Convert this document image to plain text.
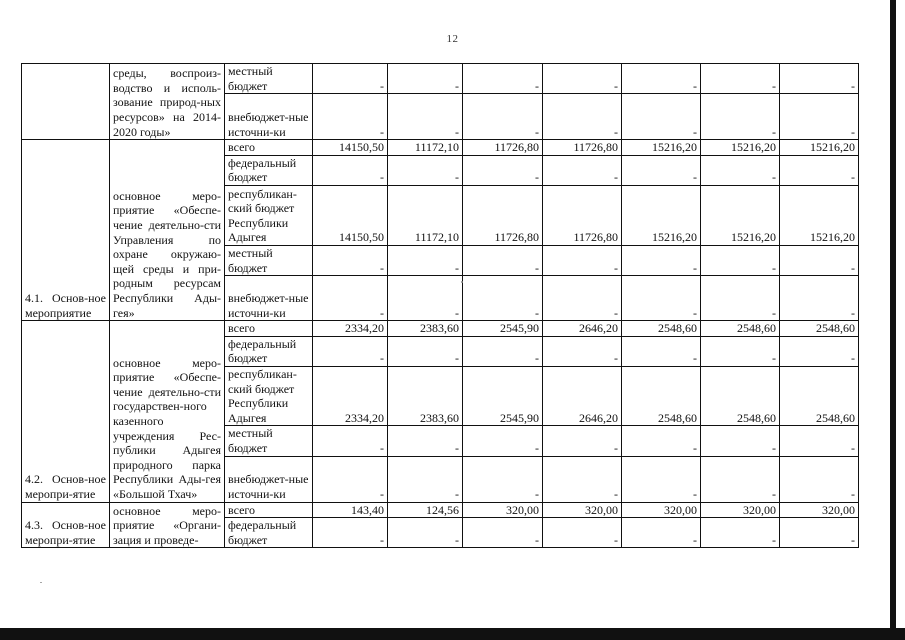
12
	среды, воспроиз-водство и исполь-зование природ-ных ресурсов» на 2014-2020 годы»	местный бюджет	-	-	-	-	-	-	-
		внебюджет-ные источни-ки	-	-	-	-	-	-	-
4.1. Основ-ное мероприятие	основное меро-приятие «Обеспе-чение деятельно-сти Управления по охране окружаю-щей среды и при-родным ресурсам Республики Ады-гея»	всего	14150,50	11172,10	11726,80	11726,80	15216,20	15216,20	15216,20
		федеральный бюджет	-	-	-	-	-	-	-
		республикан-ский бюджет Республики Адыгея	14150,50	11172,10	11726,80	11726,80	15216,20	15216,20	15216,20
		местный бюджет	-	-	-	-	-	-	-
		внебюджет-ные источни-ки	-	-	-	-	-	-	-
4.2. Основ-ное меропри-ятие	основное меро-приятие «Обеспе-чение деятельно-сти государствен-ного казенного учреждения Рес-публики Адыгея природного парка Республики Ады-гея «Большой Тхач»	всего	2334,20	2383,60	2545,90	2646,20	2548,60	2548,60	2548,60
		федеральный бюджет	-	-	-	-	-	-	-
		республикан-ский бюджет Республики Адыгея	2334,20	2383,60	2545,90	2646,20	2548,60	2548,60	2548,60
		местный бюджет	-	-	-	-	-	-	-
		внебюджет-ные источни-ки	-	-	-	-	-	-	-
4.3. Основ-ное меропри-ятие	основное меро-приятие «Органи-зация и проведе-	всего	143,40	124,56	320,00	320,00	320,00	320,00	320,00
		федеральный бюджет	-	-	-	-	-	-	-
